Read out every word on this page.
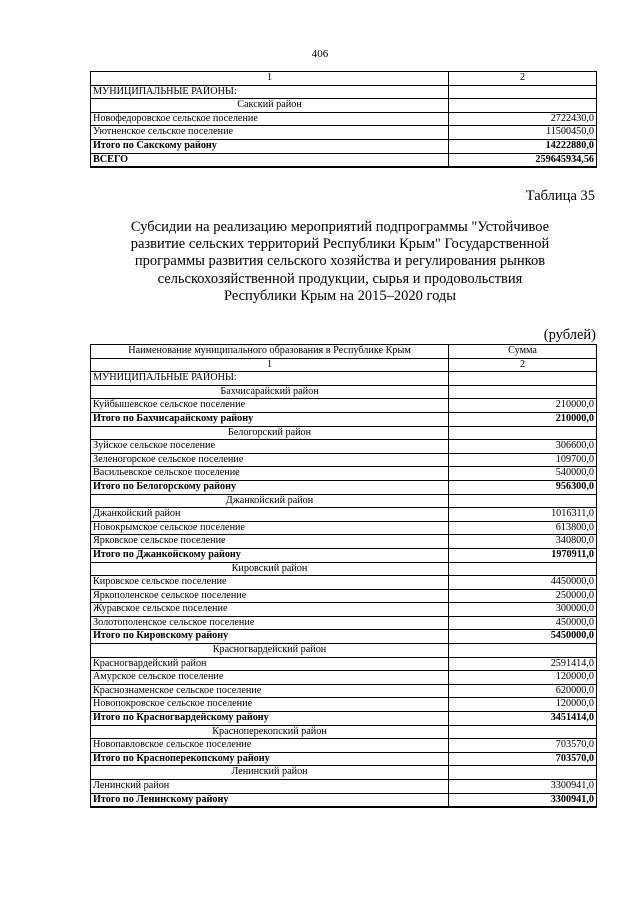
406
1	2
МУНИЦИПАЛЬНЫЕ РАЙОНЫ:	
Сакский район	
Новофедоровское сельское поселение	2722430,0
Уютненское сельское поселение	11500450,0
Итого по Сакскому району	14222880,0
ВСЕГО	259645934,56
Таблица 35
Субсидии на реализацию мероприятий подпрограммы "Устойчивое
развитие сельских территорий Республики Крым" Государственной
программы развития сельского хозяйства и регулирования рынков
сельскохозяйственной продукции, сырья и продовольствия
Республики Крым на 2015–2020 годы
(рублей)
Наименование муниципального образования в Республике Крым	Сумма
1	2
МУНИЦИПАЛЬНЫЕ РАЙОНЫ:	
Бахчисарайский район	
Куйбышевское сельское поселение	210000,0
Итого по Бахчисарайскому району	210000,0
Белогорский район	
Зуйское сельское поселение	306600,0
Зеленогорское сельское поселение	109700,0
Васильевское сельское поселение	540000,0
Итого по Белогорскому району	956300,0
Джанкойский район	
Джанкойский район	1016311,0
Новокрымское сельское поселение	613800,0
Ярковское сельское поселение	340800,0
Итого по Джанкойскому району	1970911,0
Кировский район	
Кировское сельское поселение	4450000,0
Яркополенское сельское поселение	250000,0
Журавское сельское поселение	300000,0
Золотополенское сельское поселение	450000,0
Итого по Кировскому району	5450000,0
Красногвардейский район	
Красногвардейский район	2591414,0
Амурское сельское поселение	120000,0
Краснознаменское сельское поселение	620000,0
Новопокровское сельское поселение	120000,0
Итого по Красногвардейскому району	3451414,0
Красноперекопский район	
Новопавловское сельское поселение	703570,0
Итого по Красноперекопскому району	703570,0
Ленинский район	
Ленинский район	3300941,0
Итого по Ленинскому району	3300941,0
